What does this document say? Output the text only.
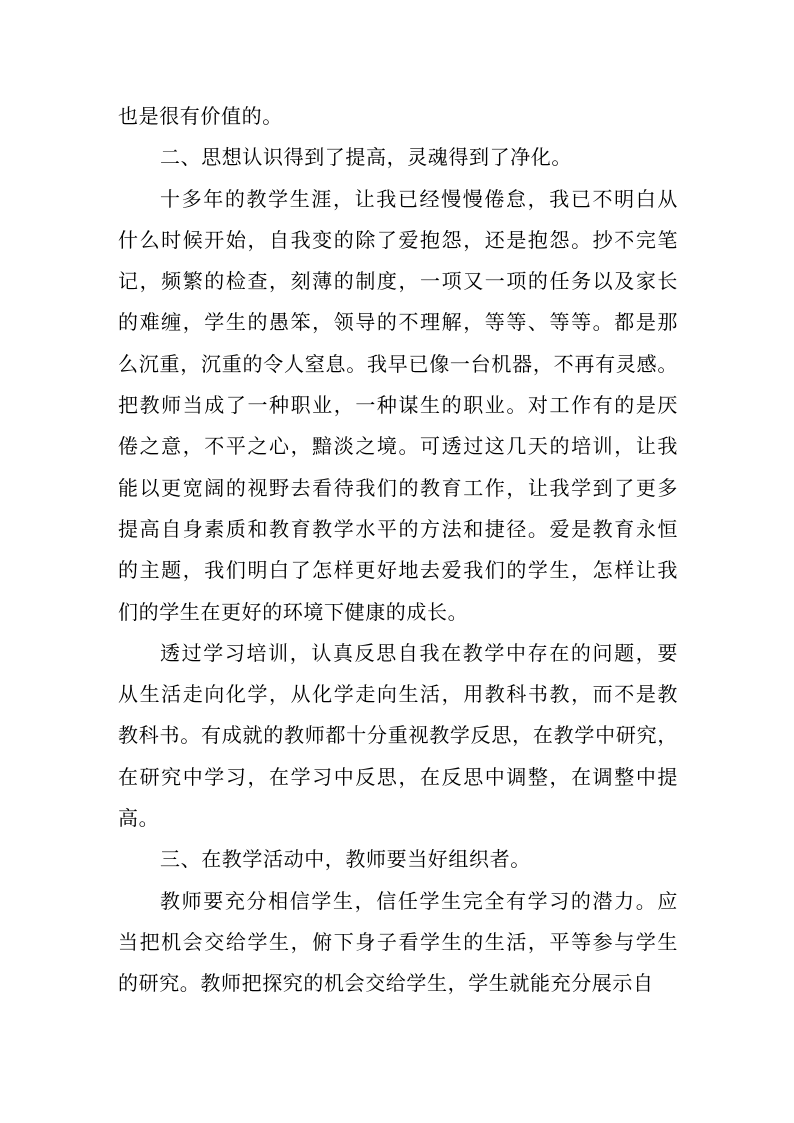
也是很有价值的。
二、思想认识得到了提高，灵魂得到了净化。
十多年的教学生涯，让我已经慢慢倦怠，我已不明白从
什么时候开始，自我变的除了爱抱怨，还是抱怨。抄不完笔
记，频繁的检查，刻薄的制度，一项又一项的任务以及家长
的难缠，学生的愚笨，领导的不理解，等等、等等。都是那
么沉重，沉重的令人窒息。我早已像一台机器，不再有灵感。
把教师当成了一种职业，一种谋生的职业。对工作有的是厌
倦之意，不平之心，黯淡之境。可透过这几天的培训，让我
能以更宽阔的视野去看待我们的教育工作，让我学到了更多
提高自身素质和教育教学水平的方法和捷径。爱是教育永恒
的主题，我们明白了怎样更好地去爱我们的学生，怎样让我
们的学生在更好的环境下健康的成长。
透过学习培训，认真反思自我在教学中存在的问题，要
从生活走向化学，从化学走向生活，用教科书教，而不是教
教科书。有成就的教师都十分重视教学反思，在教学中研究，
在研究中学习，在学习中反思，在反思中调整，在调整中提
高。
三、在教学活动中，教师要当好组织者。
教师要充分相信学生，信任学生完全有学习的潜力。应
当把机会交给学生，俯下身子看学生的生活，平等参与学生
的研究。教师把探究的机会交给学生，学生就能充分展示自
